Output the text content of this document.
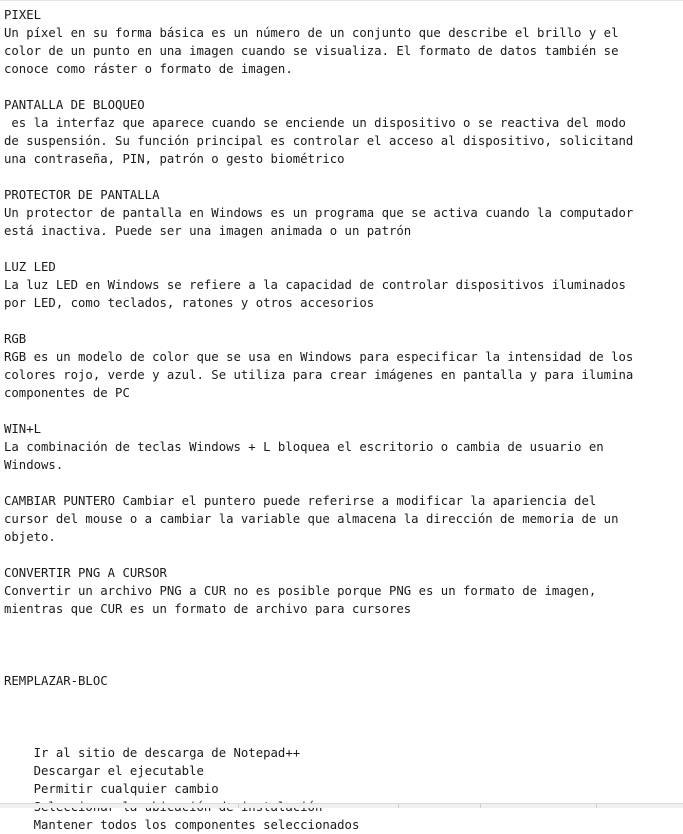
PIXEL
Un píxel en su forma básica es un número de un conjunto que describe el brillo y el
color de un punto en una imagen cuando se visualiza. El formato de datos también se
conoce como ráster o formato de imagen.

PANTALLA DE BLOQUEO
es la interfaz que aparece cuando se enciende un dispositivo o se reactiva del modo
de suspensión. Su función principal es controlar el acceso al dispositivo, solicitand
una contraseña, PIN, patrón o gesto biométrico

PROTECTOR DE PANTALLA
Un protector de pantalla en Windows es un programa que se activa cuando la computador
está inactiva. Puede ser una imagen animada o un patrón

LUZ LED
La luz LED en Windows se refiere a la capacidad de controlar dispositivos iluminados
por LED, como teclados, ratones y otros accesorios

RGB
RGB es un modelo de color que se usa en Windows para especificar la intensidad de los
colores rojo, verde y azul. Se utiliza para crear imágenes en pantalla y para ilumina
componentes de PC

WIN+L
La combinación de teclas Windows + L bloquea el escritorio o cambia de usuario en
Windows.

CAMBIAR PUNTERO Cambiar el puntero puede referirse a modificar la apariencia del
cursor del mouse o a cambiar la variable que almacena la dirección de memoria de un
objeto.

CONVERTIR PNG A CURSOR
Convertir un archivo PNG a CUR no es posible porque PNG es un formato de imagen,
mientras que CUR es un formato de archivo para cursores

REMPLAZAR-BLOC

Ir al sitio de descarga de Notepad++
Descargar el ejecutable
Permitir cualquier cambio
Mantener todos los componentes seleccionados
